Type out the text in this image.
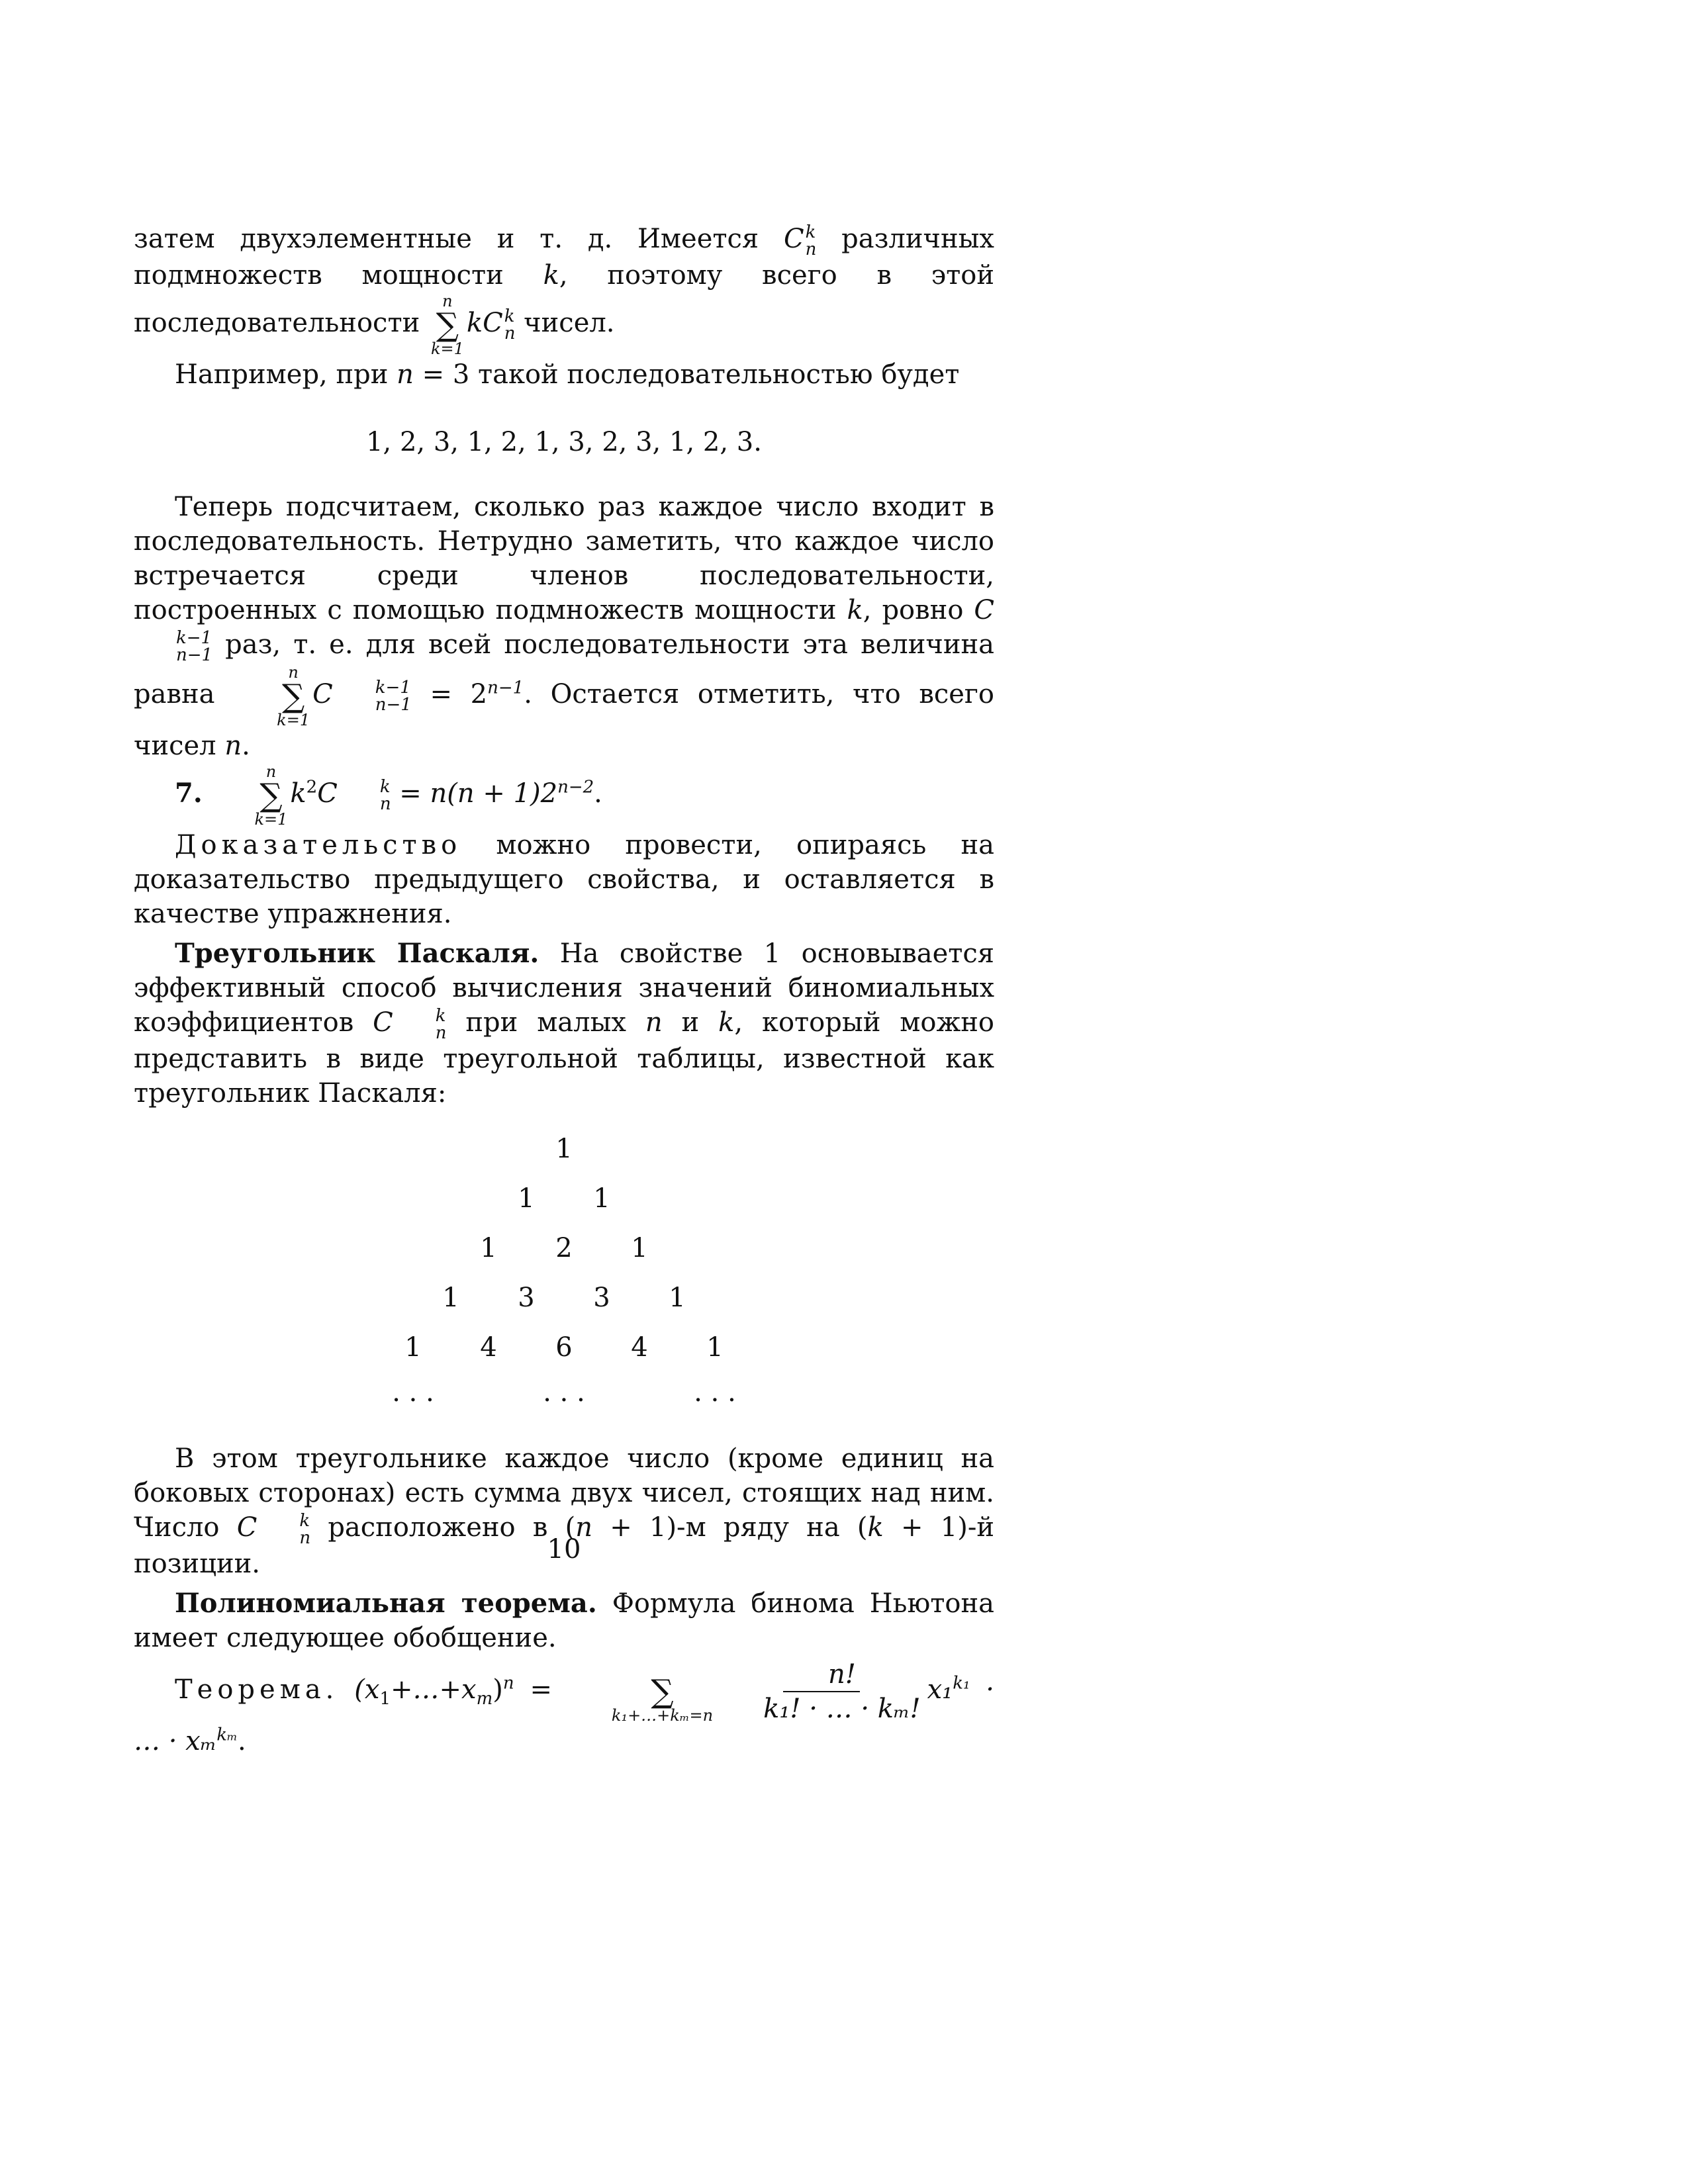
затем двухэлементные и т. д. Имеется C k
n различных подмножеств мощности k, поэтому всего в этой последовательности
n
∑
k=1
kC k
n чисел.

Например, при n = 3 такой последовательностью будет

1, 2, 3, 1, 2, 1, 3, 2, 3, 1, 2, 3.

Теперь подсчитаем, сколько раз каждое число входит в последовательность. Нетрудно заметить, что каждое число встречается среди членов последовательности, построенных с помощью подмножеств мощности k, ровно C
k−1
n−1 раз, т. е. для всей последовательности эта величина равна
n
∑
k=1
C	k−1
$n-1 = 2^{n-1}$. Остается отметить, что всего чисел n.

7.
n
∑
k=1
$k^2C$	k
$n = n(n + 1)2^{n-2}$.

Доказательство можно провести, опираясь на доказательство предыдущего свойства, и оставляется в качестве упражнения.

Треугольник Паскаля. На свойстве 1 основывается эффективный способ вычисления значений биномиальных коэффициентов C	k
n при малых n и k, который можно представить в виде треугольной таблицы, известной как треугольник Паскаля:

1
1	1
1	2	1
1	3	3	1
1	4	6	4	1
· · ·	· · ·	· · ·

В этом треугольнике каждое число (кроме единиц на боковых сторонах) есть сумма двух чисел, стоящих над ним. Число C	k
n расположено в (n + 1)-м ряду на (k + 1)-й позиции.

Полиномиальная теорема. Формула бинома Ньютона имеет следующее обобщение.

Теорема. $(x_1+\dots+x_m)^n$ =	∑
k₁+…+kₘ=n $\frac{n!}{\text{k₁! · … · kₘ!}} x_1^{k_1}$ · … · xₘ$^{k_m}$.

10
